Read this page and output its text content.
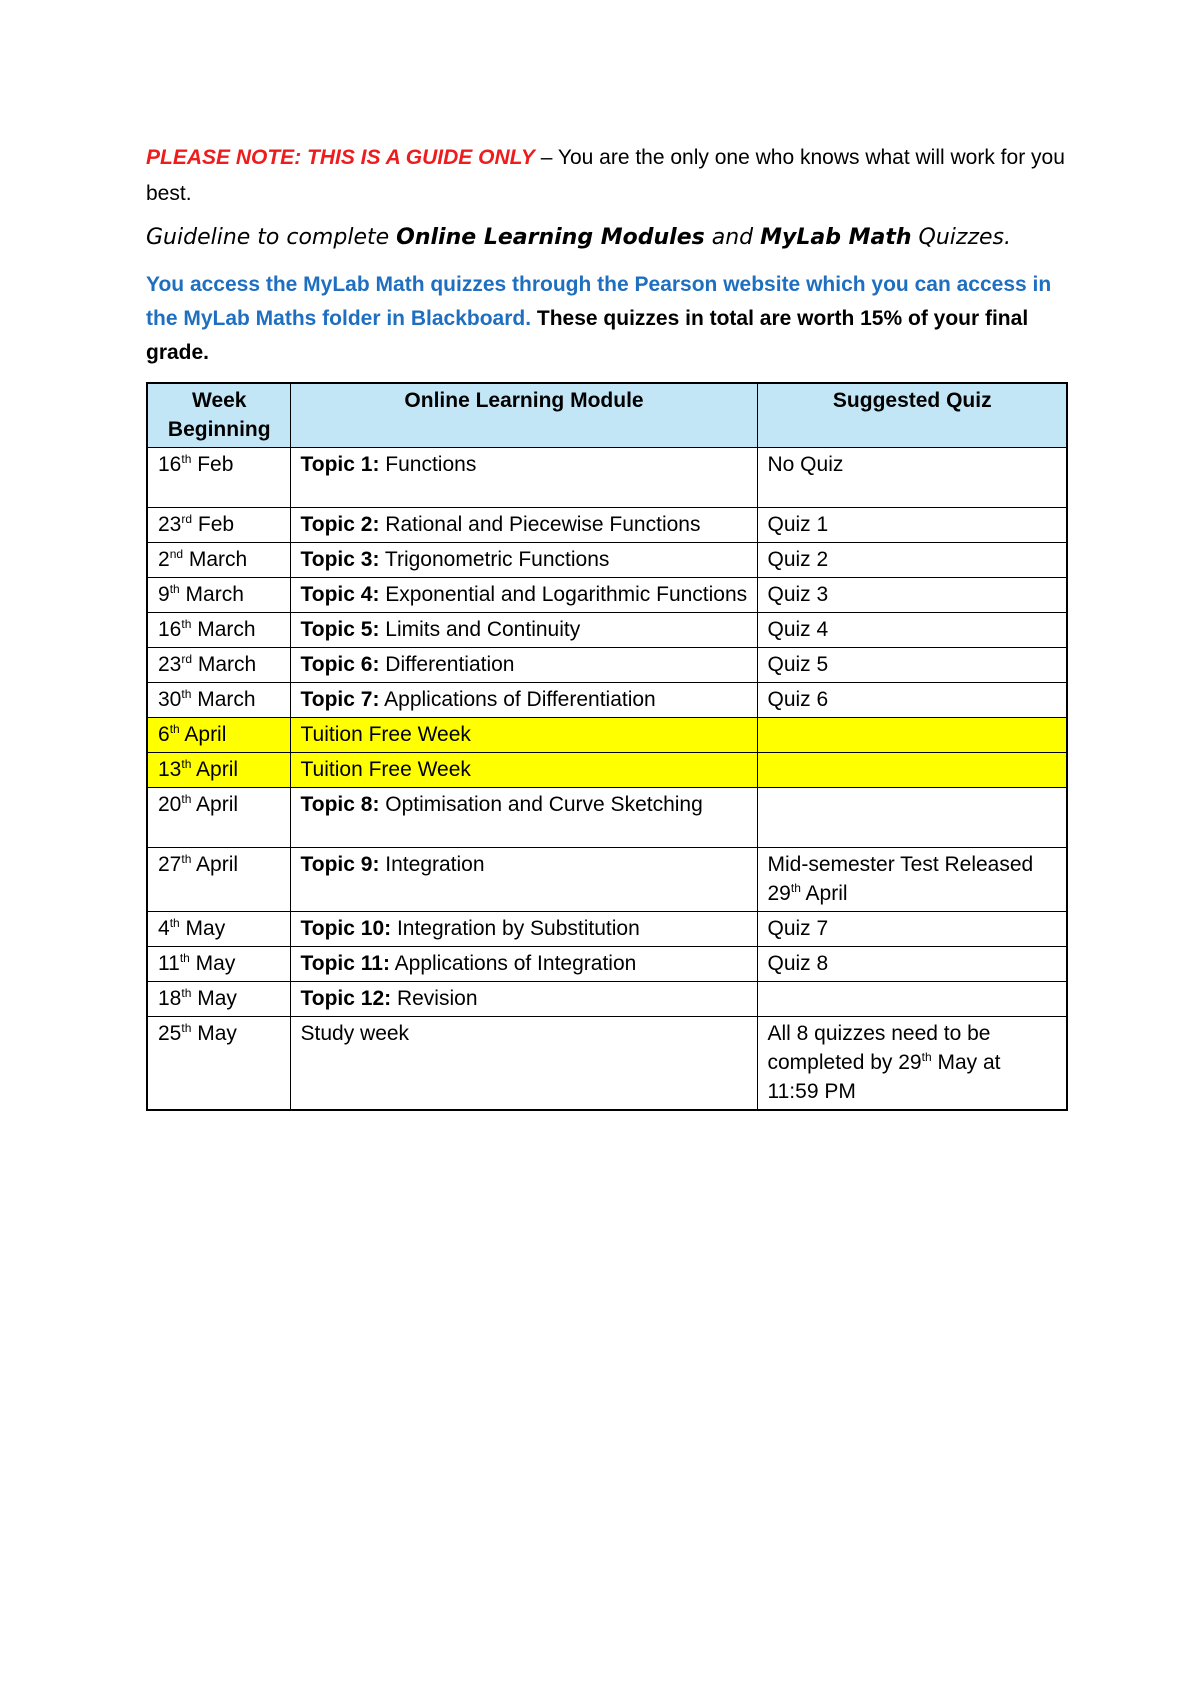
PLEASE NOTE: THIS IS A GUIDE ONLY – You are the only one who knows what will work for you best.

Guideline to complete Online Learning Modules and MyLab Math Quizzes.

You access the MyLab Math quizzes through the Pearson website which you can access in the MyLab Maths folder in Blackboard. These quizzes in total are worth 15% of your final grade.

Week Beginning	Online Learning Module	Suggested Quiz
16th Feb	Topic 1: Functions	No Quiz
23rd Feb	Topic 2: Rational and Piecewise Functions	Quiz 1
2nd March	Topic 3: Trigonometric Functions	Quiz 2
9th March	Topic 4: Exponential and Logarithmic Functions	Quiz 3
16th March	Topic 5: Limits and Continuity	Quiz 4
23rd March	Topic 6: Differentiation	Quiz 5
30th March	Topic 7: Applications of Differentiation	Quiz 6
6th April	Tuition Free Week	
13th April	Tuition Free Week	
20th April	Topic 8: Optimisation and Curve Sketching	
27th April	Topic 9: Integration	Mid-semester Test Released 29th April
4th May	Topic 10: Integration by Substitution	Quiz 7
11th May	Topic 11: Applications of Integration	Quiz 8
18th May	Topic 12: Revision	
25th May	Study week	All 8 quizzes need to be completed by 29th May at 11:59 PM
